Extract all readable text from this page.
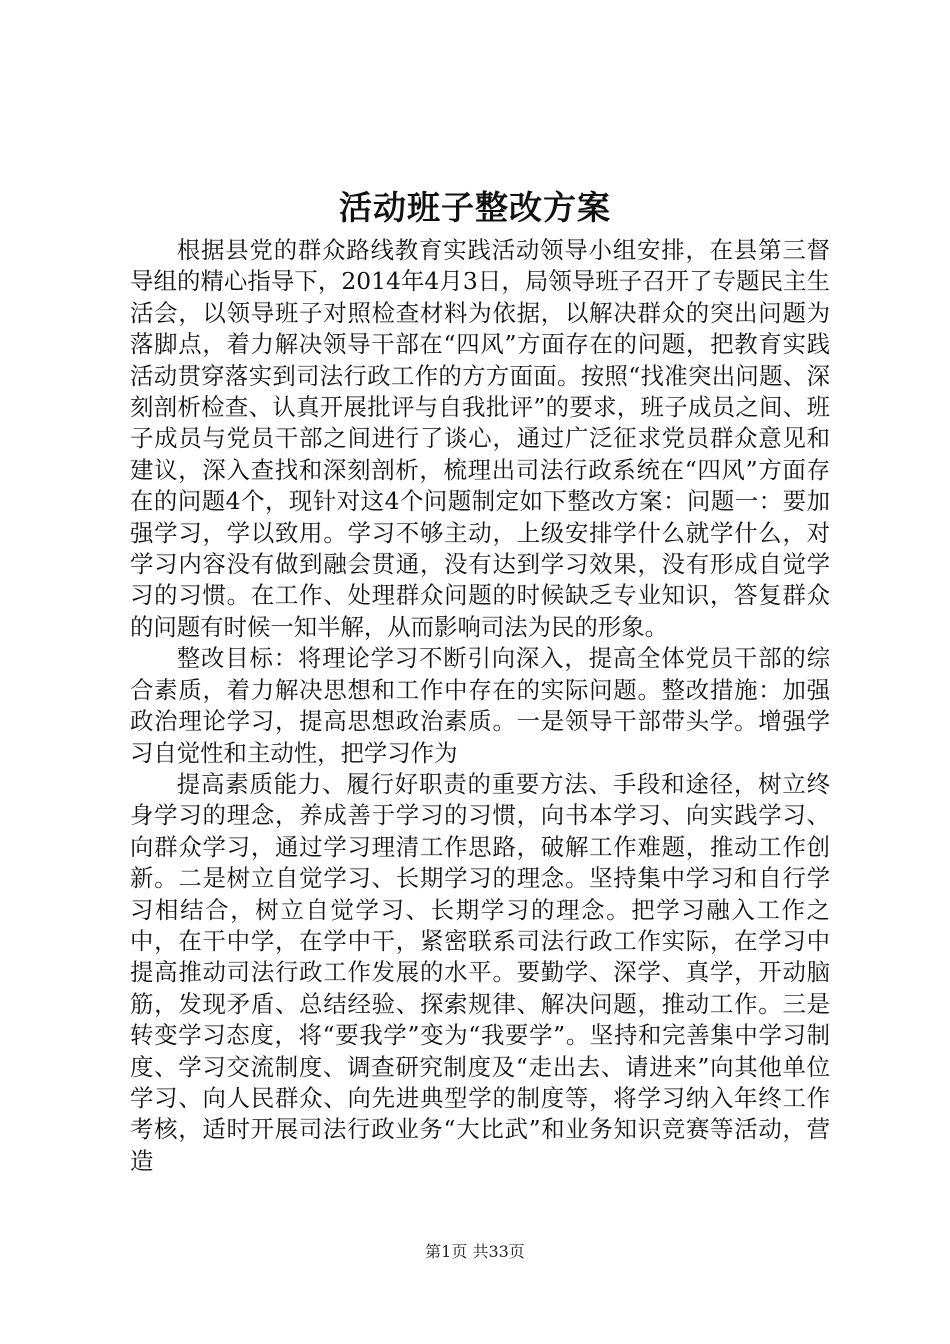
活动班子整改方案

根据县党的群众路线教育实践活动领导小组安排，在县第三督导组的精心指导下，2014年4月3日，局领导班子召开了专题民主生活会，以领导班子对照检查材料为依据，以解决群众的突出问题为落脚点，着力解决领导干部在“四风”方面存在的问题，把教育实践活动贯穿落实到司法行政工作的方方面面。按照“找准突出问题、深刻剖析检查、认真开展批评与自我批评”的要求，班子成员之间、班子成员与党员干部之间进行了谈心，通过广泛征求党员群众意见和建议，深入查找和深刻剖析，梳理出司法行政系统在“四风”方面存在的问题4个，现针对这4个问题制定如下整改方案：问题一：要加强学习，学以致用。学习不够主动，上级安排学什么就学什么，对学习内容没有做到融会贯通，没有达到学习效果，没有形成自觉学习的习惯。在工作、处理群众问题的时候缺乏专业知识，答复群众的问题有时候一知半解，从而影响司法为民的形象。

整改目标：将理论学习不断引向深入，提高全体党员干部的综合素质，着力解决思想和工作中存在的实际问题。整改措施：加强政治理论学习，提高思想政治素质。一是领导干部带头学。增强学习自觉性和主动性，把学习作为

提高素质能力、履行好职责的重要方法、手段和途径，树立终身学习的理念，养成善于学习的习惯，向书本学习、向实践学习、向群众学习，通过学习理清工作思路，破解工作难题，推动工作创新。二是树立自觉学习、长期学习的理念。坚持集中学习和自行学习相结合，树立自觉学习、长期学习的理念。把学习融入工作之中，在干中学，在学中干，紧密联系司法行政工作实际，在学习中提高推动司法行政工作发展的水平。要勤学、深学、真学，开动脑筋，发现矛盾、总结经验、探索规律、解决问题，推动工作。三是转变学习态度，将“要我学”变为“我要学”。坚持和完善集中学习制度、学习交流制度、调查研究制度及“走出去、请进来”向其他单位学习、向人民群众、向先进典型学的制度等，将学习纳入年终工作考核，适时开展司法行政业务“大比武”和业务知识竞赛等活动，营造

第1页 共33页
